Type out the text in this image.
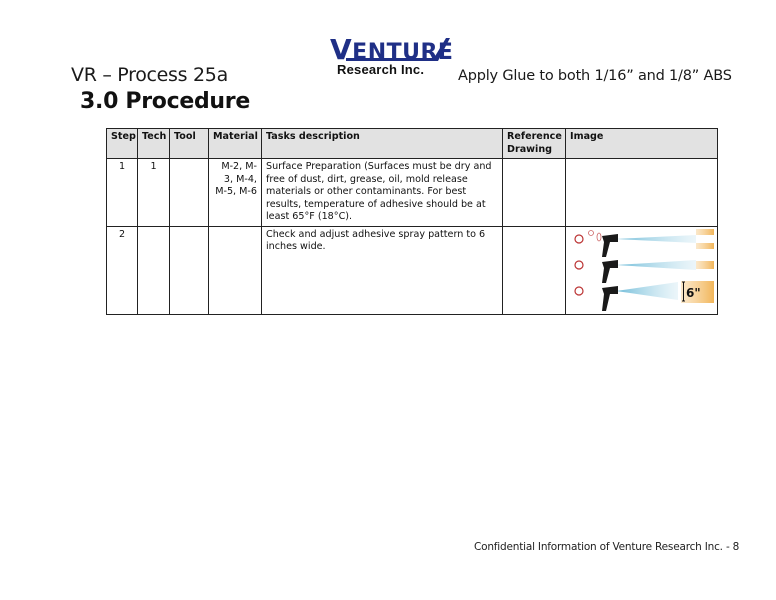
VR – Process 25a
3.0 Procedure
VENTURE
Research Inc. Apply Glue to both 1/16” and 1/8” ABS
Step	Tech	Tool	Material	Tasks description	Reference Drawing	Image
1	1		M-2, M-3, M-4, M-5, M-6	Surface Preparation (Surfaces must be dry and free of dust, dirt, grease, oil, mold release materials or other contaminants. For best results, temperature of adhesive should be at least 65°F (18°C).		
2				Check and adjust adhesive spray pattern to 6 inches wide.		6"
Confidential Information of Venture Research Inc. - 8
